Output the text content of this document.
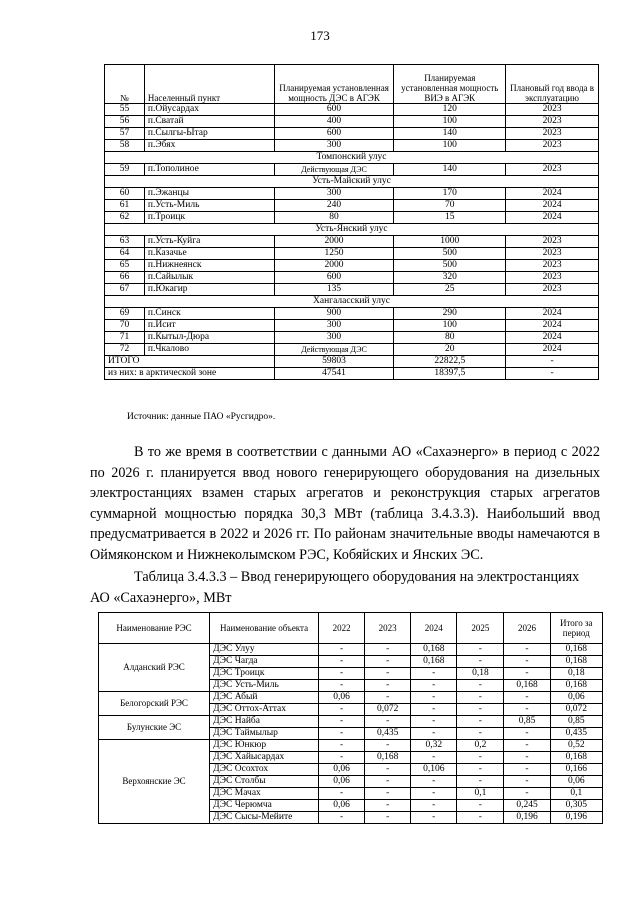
173
№	Населенный пункт	Планируемая установленная мощность ДЭС в АГЭК	Планируемая установленная мощность ВИЭ в АГЭК	Плановый год ввода в эксплуатацию
55	п.Ойусардах	600	120	2023
56	п.Сватай	400	100	2023
57	п.Сылгы-Ытар	600	140	2023
58	п.Эбях	300	100	2023
Томпонский улус				
59	п.Тополиное	Действующая ДЭС	140	2023
Усть-Майский улус				
60	п.Эжанцы	300	170	2024
61	п.Усть-Миль	240	70	2024
62	п.Троицк	80	15	2024
Усть-Янский улус				
63	п.Усть-Куйга	2000	1000	2023
64	п.Казачье	1250	500	2023
65	п.Нижнеянск	2000	500	2023
66	п.Сайылык	600	320	2023
67	п.Юкагир	135	25	2023
Хангаласский улус				
69	п.Синск	900	290	2024
70	п.Исит	300	100	2024
71	п.Кытыл-Дюра	300	80	2024
72	п.Чкалово	Действующая ДЭС	20	2024
ИТОГО		59803	22822,5	-
из них: в арктической зоне		47541	18397,5	-
Источник: данные ПАО «Русгидро».

В то же время в соответствии с данными АО «Сахаэнерго» в период с 2022 по 2026 г. планируется ввод нового генерирующего оборудования на дизельных электростанциях взамен старых агрегатов и реконструкция старых агрегатов суммарной мощностью порядка 30,3 МВт (таблица 3.4.3.3). Наибольший ввод предусматривается в 2022 и 2026 гг. По районам значительные вводы намечаются в Оймяконском и Нижнеколымском РЭС, Кобяйских и Янских ЭС.

Таблица 3.4.3.3 – Ввод генерирующего оборудования на электростанциях АО «Сахаэнерго», МВт

Наименование РЭС	Наименование объекта	2022	2023	2024	2025	2026	Итого за период
Алданский РЭС	ДЭС Улуу	-	-	0,168	-	-	0,168
	ДЭС Чагда	-	-	0,168	-	-	0,168
	ДЭС Троицк	-	-	-	0,18	-	0,18
	ДЭС Усть-Миль	-	-	-	-	0,168	0,168
Белогорский РЭС	ДЭС Абый	0,06	-	-	-	-	0,06
	ДЭС Оттох-Аттах	-	0,072	-	-	-	0,072
Булунские ЭС	ДЭС Найба	-	-	-	-	0,85	0,85
	ДЭС Таймылыр	-	0,435	-	-	-	0,435
Верхоянские ЭС	ДЭС Юнкюр	-	-	0,32	0,2	-	0,52
	ДЭС Хайысардах	-	0,168	-	-	-	0,168
	ДЭС Осохтох	0,06	-	0,106	-	-	0,166
	ДЭС Столбы	0,06	-	-	-	-	0,06
	ДЭС Мачах	-	-	-	0,1	-	0,1
	ДЭС Черюмча	0,06	-	-	-	0,245	0,305
	ДЭС Сысы-Мейите	-	-	-	-	0,196	0,196
